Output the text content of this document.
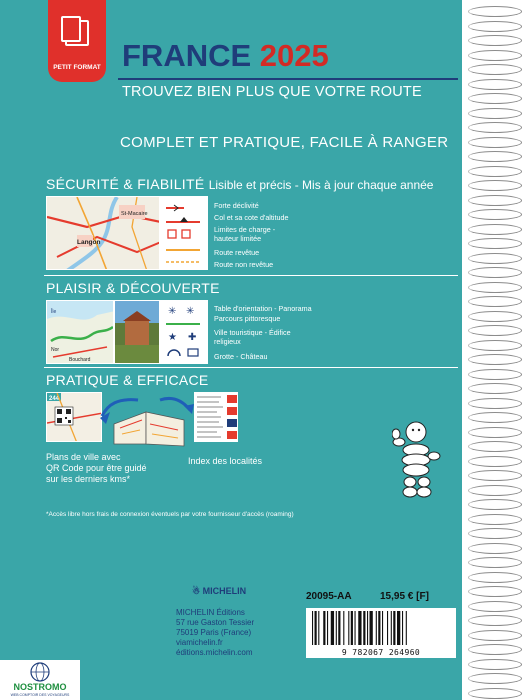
PETIT FORMAT FRANCE 2025
TROUVEZ BIEN PLUS QUE VOTRE ROUTE
COMPLET ET PRATIQUE, FACILE À RANGER
SÉCURITÉ & FIABILITÉ Lisible et précis - Mis à jour chaque année
Langon
St-Macaire
Forte déclivité
Col et sa cote d'altitude
Limites de charge -
hauteur limitée
Route revêtue
Route non revêtue
PLAISIR & DÉCOUVERTE
Île
Nor
Bouchard
✳ ✳
★ ✚
Table d'orientation - Panorama
Parcours pittoresque
Ville touristique - Édifice
religieux
Grotte - Château
PRATIQUE & EFFICACE
244
Plans de ville avec
QR Code pour être guidé
sur les derniers kms*
Index des localités
*Accès libre hors frais de connexion éventuels par votre fournisseur d'accès (roaming)
☃ MICHELIN
MICHELIN Éditions
57 rue Gaston Tessier
75019 Paris (France)
viamichelin.fr
éditions.michelin.com
20095-AA	15,95 € [F]
9 782067 264960
NOSTROMO
WEB COMPTOIR DES VOYAGEURS
